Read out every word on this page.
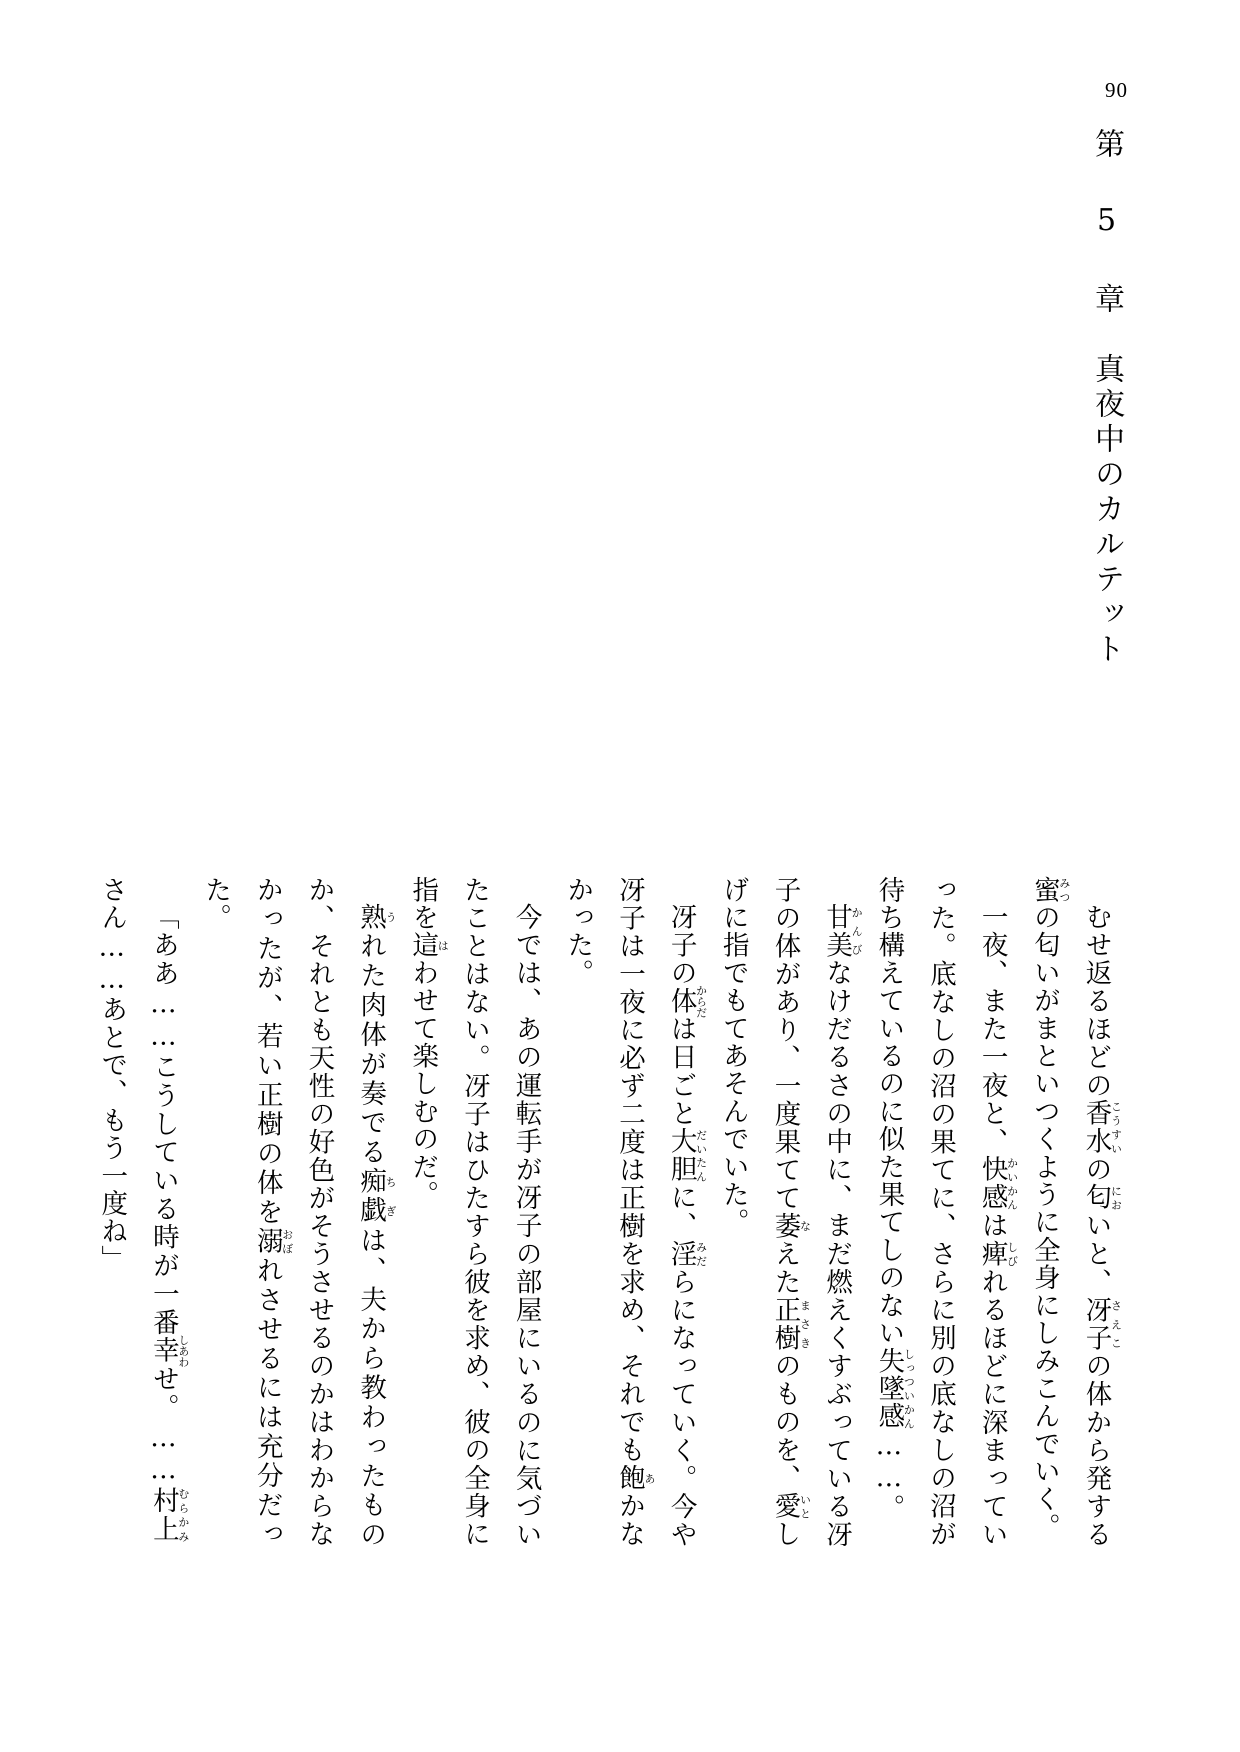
90
第 5 章　真夜中のカルテット

むせ返るほどの香水こうすいの匂においと、冴子さえこの体から発する蜜みつの匂いがまといつくように全身にしみこんでいく。

一夜、また一夜と、快感かいかんは痺しびれるほどに深まっていった。底なしの沼の果てに、さらに別の底なしの沼が待ち構えているのに似た果てしのない失墜感しっついかん……。

甘美かんびなけだるさの中に、まだ燃えくすぶっている冴子の体があり、一度果てて萎なえた正樹まさきのものを、愛いとしげに指でもてあそんでいた。

冴子の体からだは日ごと大胆だいたんに、淫みだらになっていく。今や冴子は一夜に必ず二度は正樹を求め、それでも飽あかなかった。

今では、あの運転手が冴子の部屋にいるのに気づいたことはない。冴子はひたすら彼を求め、彼の全身に指を這はわせて楽しむのだ。

熟うれた肉体が奏でる痴戯ちぎは、夫から教わったものか、それとも天性の好色がそうさせるのかはわからなかったが、若い正樹の体を溺おぼれさせるには充分だった。

「ああ……こうしている時が一番幸しあわせ。……村上むらかみさん……あとで、もう一度ね」
